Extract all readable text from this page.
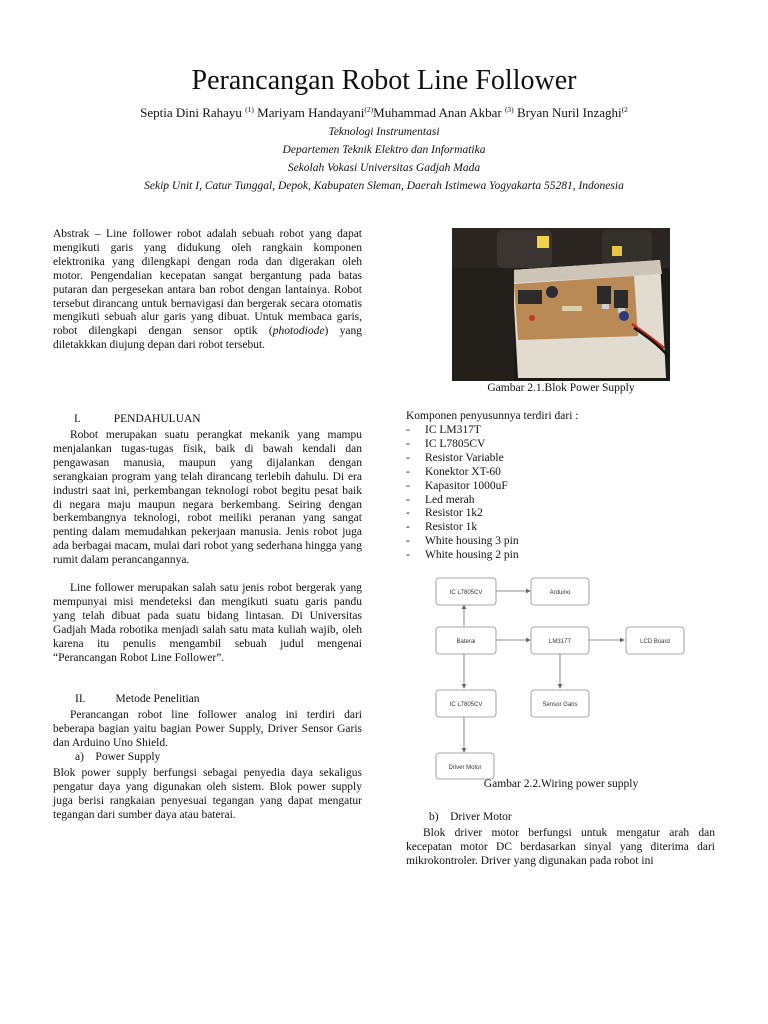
Perancangan Robot Line Follower
Septia Dini Rahayu $^{(1)}$ Mariyam Handayani$^{(2)}$Muhammad Anan Akbar $^{(3)}$ Bryan Nuril Inzaghi$^{(2}$
Teknologi Instrumentasi
Departemen Teknik Elektro dan Informatika
Sekolah Vokasi Universitas Gadjah Mada
Sekip Unit I, Catur Tunggal, Depok, Kabupaten Sleman, Daerah Istimewa Yogyakarta 55281, Indonesia
Abstrak – Line follower robot adalah sebuah robot yang dapat mengikuti garis yang didukung oleh rangkain komponen elektronika yang dilengkapi dengan roda dan digerakan oleh motor. Pengendalian kecepatan sangat bergantung pada batas putaran dan pergesekan antara ban robot dengan lantainya. Robot tersebut dirancang untuk bernavigasi dan bergerak secara otomatis mengikuti sebuah alur garis yang dibuat. Untuk membaca garis, robot dilengkapi dengan sensor optik (photodiode) yang diletakkkan diujung depan dari robot tersebut.
I.	PENDAHULUAN
Robot merupakan suatu perangkat mekanik yang mampu menjalankan tugas-tugas fisik, baik di bawah kendali dan pengawasan manusia, maupun yang dijalankan dengan serangkaian program yang telah dirancang terlebih dahulu. Di era industri saat ini, perkembangan teknologi robot begitu pesat baik di negara maju maupun negara berkembang. Seiring dengan berkembangnya teknologi, robot meiliki peranan yang sangat penting dalam memudahkan pekerjaan manusia. Jenis robot juga ada berbagai macam, mulai dari robot yang sederhana hingga yang rumit dalam perancangannya.
Line follower merupakan salah satu jenis robot bergerak yang mempunyai misi mendeteksi dan mengikuti suatu garis pandu yang telah dibuat pada suatu bidang lintasan. Di Universitas Gadjah Mada robotika menjadi salah satu mata kuliah wajib, oleh karena itu penulis mengambil sebuah judul mengenai “Perancangan Robot Line Follower”.
II.	Metode Penelitian
Perancangan robot line follower analog ini terdiri dari beberapa bagian yaitu bagian Power Supply, Driver Sensor Garis dan Arduino Uno Shield.
a)    Power Supply
Blok power supply berfungsi sebagai penyedia daya sekaligus pengatur daya yang digunakan oleh sistem. Blok power supply juga berisi rangkaian penyesuai tegangan yang dapat mengatur tegangan dari sumber daya atau baterai.
Gambar 2.1.Blok Power Supply
Komponen penyusunnya terdiri dari :
-	IC LM317T
-	IC L7805CV
-	Resistor Variable
-	Konektor XT-60
-	Kapasitor 1000uF
-	Led merah
-	Resistor 1k2
-	Resistor 1k
-	White housing 3 pin
-	White housing 2 pin
IC L7805CV	Arduino
Baterai	LM317T	LCD Board
IC L7805CV	Sensor Garis
Driver Motor
Gambar 2.2.Wiring power supply
b)    Driver Motor
Blok driver motor berfungsi untuk mengatur arah dan kecepatan motor DC berdasarkan sinyal yang diterima dari mikrokontroler. Driver yang digunakan pada robot ini
